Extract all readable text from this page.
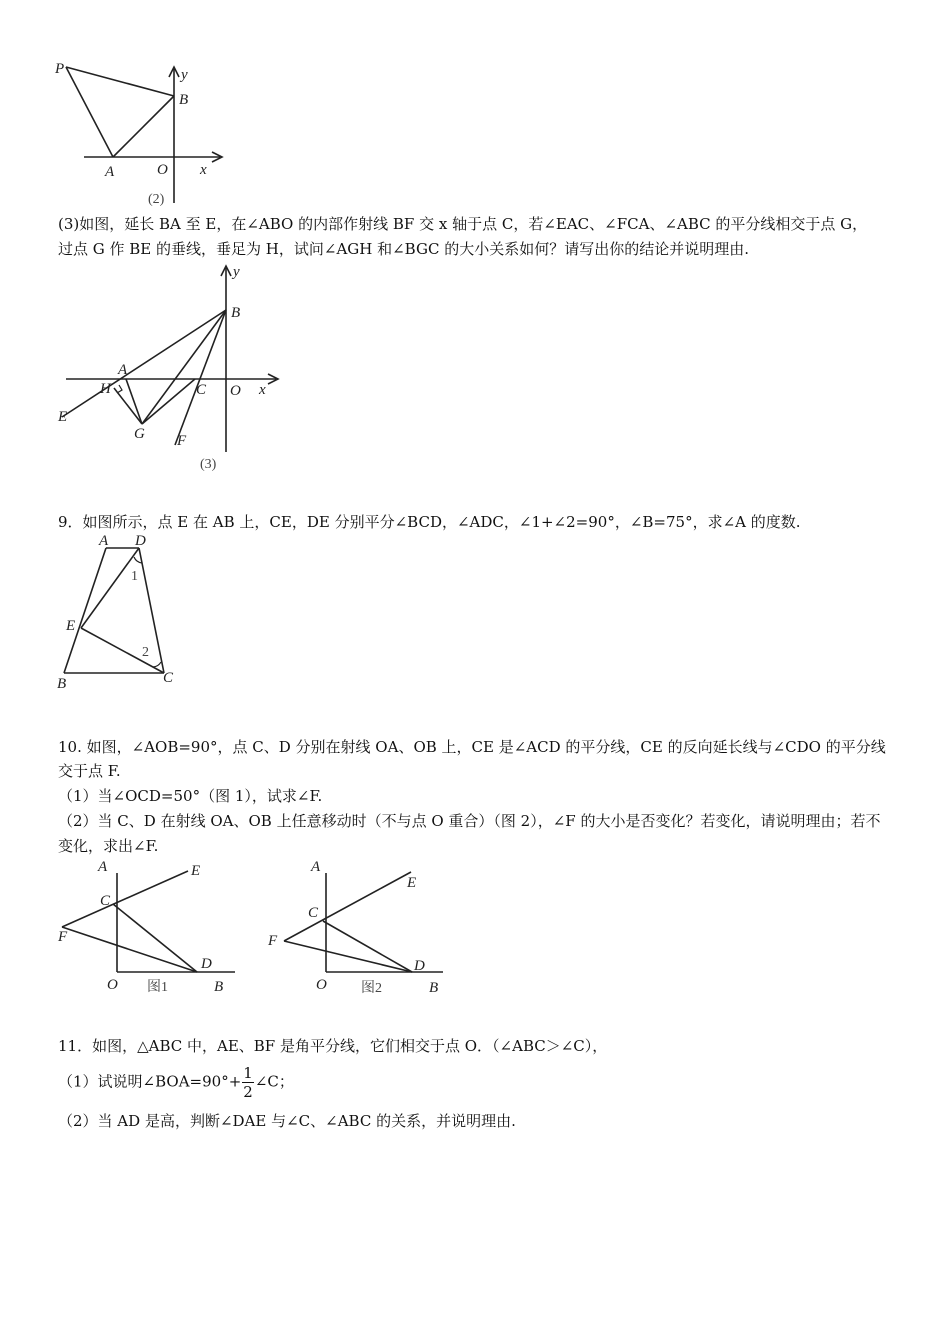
P	y
B
A	O x
(2)
(3)如图，延长 BA 至 E，在∠ABO 的内部作射线 BF 交 x 轴于点 C，若∠EAC、∠FCA、∠ABC 的平分线相交于点 G，
过点 G 作 BE 的垂线，垂足为 H，试问∠AGH 和∠BGC 的大小关系如何？请写出你的结论并说明理由.
y
B
A
H	C O x
E
G F
(3)
9．如图所示，点 E 在 AB 上，CE，DE 分别平分∠BCD，∠ADC，∠1+∠2=90°，∠B=75°，求∠A 的度数.
A D
1
E
2
B	C
10. 如图，∠AOB=90°，点 C、D 分别在射线 OA、OB 上，CE 是∠ACD 的平分线，CE 的反向延长线与∠CDO 的平分线
交于点 F.
（1）当∠OCD=50°（图 1），试求∠F.
（2）当 C、D 在射线 OA、OB 上任意移动时（不与点 O 重合）（图 2），∠F 的大小是否变化？若变化，请说明理由；若不
变化，求出∠F.
A	E
C
F
D
O 图1	B
A
E
C
F
D
O 图2	B
11．如图，△ABC 中，AE、BF 是角平分线，它们相交于点 O．（∠ABC＞∠C），
（1）试说明∠BOA=90°+ $\frac{1}{2}$ ∠C；
（2）当 AD 是高，判断∠DAE 与∠C、∠ABC 的关系，并说明理由.
